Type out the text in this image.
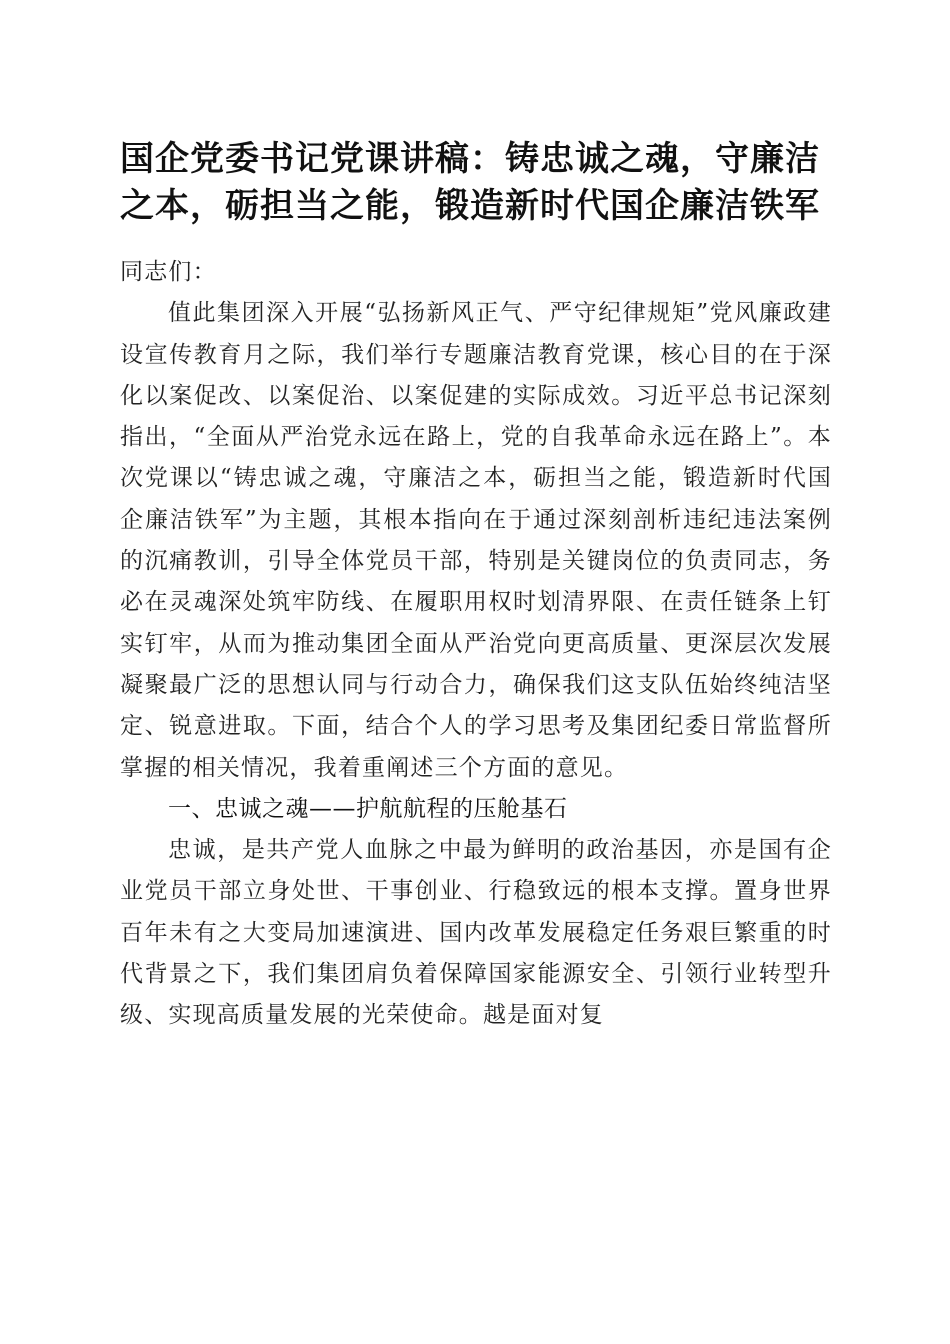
国企党委书记党课讲稿：铸忠诚之魂，守廉洁
之本，砺担当之能，锻造新时代国企廉洁铁军

同志们：

值此集团深入开展“弘扬新风正气、严守纪律规矩”党风廉政建设宣传教育月之际，我们举行专题廉洁教育党课，核心目的在于深化以案促改、以案促治、以案促建的实际成效。习近平总书记深刻指出，“全面从严治党永远在路上，党的自我革命永远在路上”。本次党课以“铸忠诚之魂，守廉洁之本，砺担当之能，锻造新时代国企廉洁铁军”为主题，其根本指向在于通过深刻剖析违纪违法案例的沉痛教训，引导全体党员干部，特别是关键岗位的负责同志，务必在灵魂深处筑牢防线、在履职用权时划清界限、在责任链条上钉实钉牢，从而为推动集团全面从严治党向更高质量、更深层次发展凝聚最广泛的思想认同与行动合力，确保我们这支队伍始终纯洁坚定、锐意进取。下面，结合个人的学习思考及集团纪委日常监督所掌握的相关情况，我着重阐述三个方面的意见。

一、忠诚之魂——护航航程的压舱基石

忠诚，是共产党人血脉之中最为鲜明的政治基因，亦是国有企业党员干部立身处世、干事创业、行稳致远的根本支撑。置身世界百年未有之大变局加速演进、国内改革发展稳定任务艰巨繁重的时代背景之下，我们集团肩负着保障国家能源安全、引领行业转型升级、实现高质量发展的光荣使命。越是面对复
